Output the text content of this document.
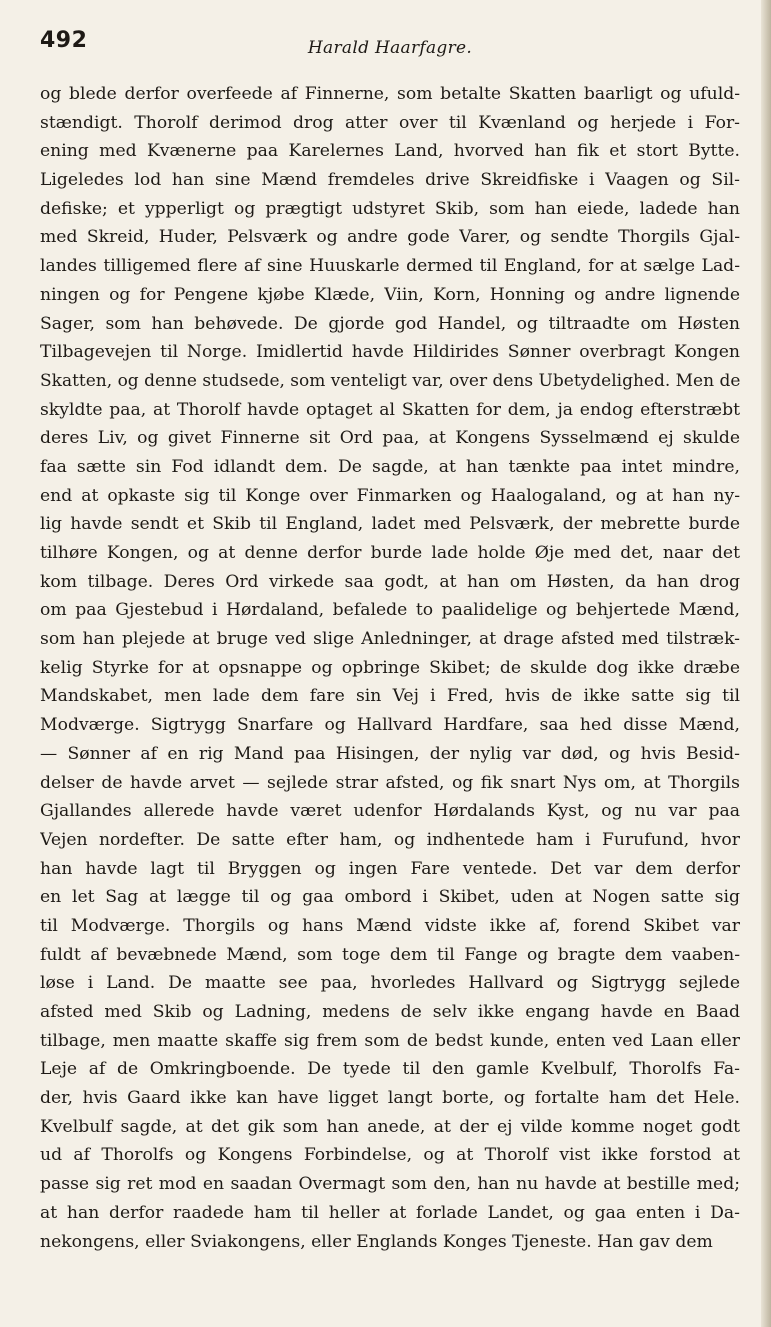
492	Harald Haarfagre.
og blede derfor overfeede af Finnerne, som betalte Skatten baarligt og ufuld-
stændigt. Thorolf derimod drog atter over til Kvænland og herjede i For-
ening med Kvænerne paa Karelernes Land, hvorved han fik et stort Bytte.
Ligeledes lod han sine Mænd fremdeles drive Skreidfiske i Vaagen og Sil-
defiske; et ypperligt og prægtigt udstyret Skib, som han eiede, ladede han
med Skreid, Huder, Pelsværk og andre gode Varer, og sendte Thorgils Gjal-
landes tilligemed flere af sine Huuskarle dermed til England, for at sælge Lad-
ningen og for Pengene kjøbe Klæde, Viin, Korn, Honning og andre lignende
Sager, som han behøvede. De gjorde god Handel, og tiltraadte om Høsten
Tilbagevejen til Norge. Imidlertid havde Hildirides Sønner overbragt Kongen
Skatten, og denne studsede, som venteligt var, over dens Ubetydelighed. Men de
skyldte paa, at Thorolf havde optaget al Skatten for dem, ja endog efterstræbt
deres Liv, og givet Finnerne sit Ord paa, at Kongens Sysselmænd ej skulde
faa sætte sin Fod idlandt dem. De sagde, at han tænkte paa intet mindre,
end at opkaste sig til Konge over Finmarken og Haalogaland, og at han ny-
lig havde sendt et Skib til England, ladet med Pelsværk, der mebrette burde
tilhøre Kongen, og at denne derfor burde lade holde Øje med det, naar det
kom tilbage. Deres Ord virkede saa godt, at han om Høsten, da han drog
om paa Gjestebud i Hørdaland, befalede to paalidelige og behjertede Mænd,
som han plejede at bruge ved slige Anledninger, at drage afsted med tilstræk-
kelig Styrke for at opsnappe og opbringe Skibet; de skulde dog ikke dræbe
Mandskabet, men lade dem fare sin Vej i Fred, hvis de ikke satte sig til
Modværge. Sigtrygg Snarfare og Hallvard Hardfare, saa hed disse Mænd,
— Sønner af en rig Mand paa Hisingen, der nylig var død, og hvis Besid-
delser de havde arvet — sejlede strar afsted, og fik snart Nys om, at Thorgils
Gjallandes allerede havde været udenfor Hørdalands Kyst, og nu var paa
Vejen nordefter. De satte efter ham, og indhentede ham i Furufund, hvor
han havde lagt til Bryggen og ingen Fare ventede. Det var dem derfor
en let Sag at lægge til og gaa ombord i Skibet, uden at Nogen satte sig
til Modværge. Thorgils og hans Mænd vidste ikke af, forend Skibet var
fuldt af bevæbnede Mænd, som toge dem til Fange og bragte dem vaaben-
løse i Land. De maatte see paa, hvorledes Hallvard og Sigtrygg sejlede
afsted med Skib og Ladning, medens de selv ikke engang havde en Baad
tilbage, men maatte skaffe sig frem som de bedst kunde, enten ved Laan eller
Leje af de Omkringboende. De tyede til den gamle Kvelbulf, Thorolfs Fa-
der, hvis Gaard ikke kan have ligget langt borte, og fortalte ham det Hele.
Kvelbulf sagde, at det gik som han anede, at der ej vilde komme noget godt
ud af Thorolfs og Kongens Forbindelse, og at Thorolf vist ikke forstod at
passe sig ret mod en saadan Overmagt som den, han nu havde at bestille med;
at han derfor raadede ham til heller at forlade Landet, og gaa enten i Da-
nekongens, eller Sviakongens, eller Englands Konges Tjeneste. Han gav dem
